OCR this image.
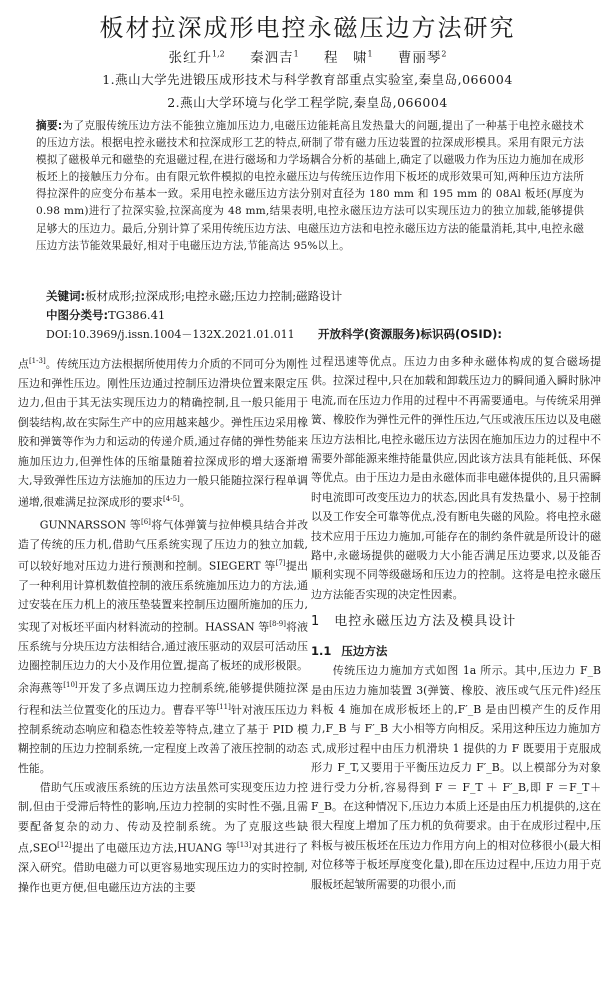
板材拉深成形电控永磁压边方法研究
张红升$^{1,2}$ 秦泗吉$^1$ 程　啸$^1$ 曹丽琴$^2$
1.燕山大学先进锻压成形技术与科学教育部重点实验室,秦皇岛,066004
2.燕山大学环境与化学工程学院,秦皇岛,066004
摘要:为了克服传统压边方法不能独立施加压边力,电磁压边能耗高且发热量大的问题,提出了一种基于电控永磁技术的压边方法。根据电控永磁技术和拉深成形工艺的特点,研制了带有磁力压边装置的拉深成形模具。采用有限元方法模拟了磁极单元和磁垫的充退磁过程,在进行磁场和力学场耦合分析的基础上,确定了以磁吸力作为压边力施加在成形板坯上的接触压力分布。由有限元软件模拟的电控永磁压边与传统压边作用下板坯的成形效果可知,两种压边方法所得拉深件的应变分布基本一致。采用电控永磁压边方法分别对直径为 180 mm 和 195 mm 的 08Al 板坯(厚度为 0.98 mm)进行了拉深实验,拉深高度为 48 mm,结果表明,电控永磁压边方法可以实现压边力的独立加载,能够提供足够大的压边力。最后,分别计算了采用传统压边方法、电磁压边方法和电控永磁压边方法的能量消耗,其中,电控永磁压边方法节能效果最好,相对于电磁压边方法,节能高达 95%以上。
关键词:板材成形;拉深成形;电控永磁;压边力控制;磁路设计
中图分类号:TG386.41
DOI:10.3969/j.issn.1004－132X.2021.01.011 开放科学(资源服务)标识码(OSID):

点[1-3]。传统压边方法根据所使用传力介质的不同可分为刚性压边和弹性压边。刚性压边通过控制压边滑块位置来限定压边力,但由于其无法实现压边力的精确控制,且一般只能用于倒装结构,故在实际生产中的应用越来越少。弹性压边采用橡胶和弹簧等作为力和运动的传递介质,通过存储的弹性势能来施加压边力,但弹性体的压缩量随着拉深成形的增大逐渐增大,导致弹性压边方法施加的压边力一般只能随拉深行程单调递增,很难满足拉深成形的要求[4-5]。

GUNNARSSON 等[6]将气体弹簧与拉伸模具结合并改造了传统的压力机,借助气压系统实现了压边力的独立加载,可以较好地对压边力进行预测和控制。SIEGERT 等[7]提出了一种利用计算机数值控制的液压系统施加压边力的方法,通过安装在压力机上的液压垫装置来控制压边圈所施加的压力,实现了对板坯平面内材料流动的控制。HASSAN 等[8-9]将液压系统与分块压边方法相结合,通过液压驱动的双层可活动压边圈控制压边力的大小及作用位置,提高了板坯的成形极限。余海燕等[10]开发了多点调压边力控制系统,能够提供随拉深行程和法兰位置变化的压边力。曹春平等[11]针对液压压边力控制系统动态响应和稳态性较差等特点,建立了基于 PID 模糊控制的压边力控制系统,一定程度上改善了液压控制的动态性能。

借助气压或液压系统的压边方法虽然可实现变压边力控制,但由于受滞后特性的影响,压边力控制的实时性不强,且需要配备复杂的动力、传动及控制系统。为了克服这些缺点,SEO[12]提出了电磁压边方法,HUANG 等[13]对其进行了深入研究。借助电磁力可以更容易地实现压边力的实时控制,操作也更方便,但电磁压边方法的主要

过程迅速等优点。压边力由多种永磁体构成的复合磁场提供。拉深过程中,只在加载和卸载压边力的瞬间通入瞬时脉冲电流,而在压边力作用的过程中不再需要通电。与传统采用弹簧、橡胶作为弹性元件的弹性压边,气压或液压压边以及电磁压边方法相比,电控永磁压边方法因在施加压边力的过程中不需要外部能源来维持能量供应,因此该方法具有能耗低、环保等优点。由于压边力是由永磁体而非电磁体提供的,且只需瞬时电流即可改变压边力的状态,因此具有发热量小、易于控制以及工作安全可靠等优点,没有断电失磁的风险。将电控永磁技术应用于压边力施加,可能存在的制约条件就是所设计的磁路中,永磁场提供的磁吸力大小能否满足压边要求,以及能否顺利实现不同等级磁场和压边力的控制。这将是电控永磁压边方法能否实现的决定性因素。

1 电控永磁压边方法及模具设计

1.1 压边方法

传统压边力施加方式如图 1a 所示。其中,压边力 F_B 是由压边力施加装置 3(弹簧、橡胶、液压或气压元件)经压料板 4 施加在成形板坯上的,F′_B 是由凹模产生的反作用力,F_B 与 F′_B 大小相等方向相反。采用这种压边力施加方式,成形过程中由压力机滑块 1 提供的力 F 既要用于克服成形力 F_T,又要用于平衡压边反力 F′_B。以上模部分为对象进行受力分析,容易得到 F ＝ F_T ＋ F′_B,即 F ＝F_T＋F_B。在这种情况下,压边力本质上还是由压力机提供的,这在很大程度上增加了压力机的负荷要求。由于在成形过程中,压料板与被压板坯在压边力作用方向上的相对位移很小(最大相对位移等于板坯厚度变化量),即在压边过程中,压边力用于克服板坯起皱所需要的功很小,而
